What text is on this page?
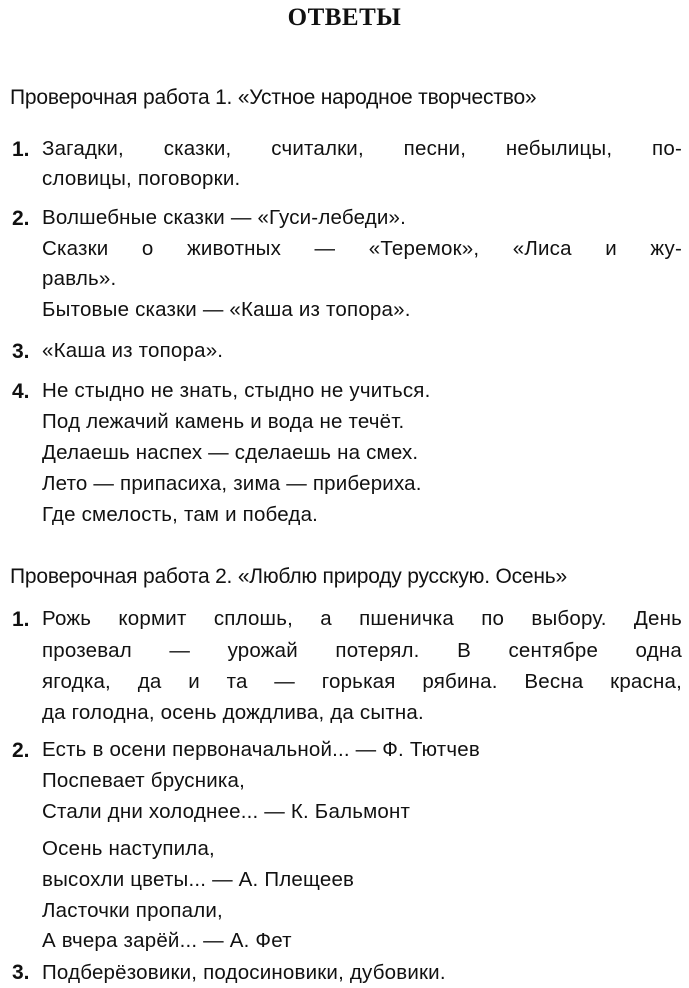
ОТВЕТЫ
Проверочная работа 1. «Устное народное творчество»
1. Загадки, сказки, считалки, песни, небылицы, по-
словицы, поговорки.
2. Волшебные сказки — «Гуси-лебеди».
Сказки о животных — «Теремок», «Лиса и жу-
равль».
Бытовые сказки — «Каша из топора».
3. «Каша из топора».
4. Не стыдно не знать, стыдно не учиться.
Под лежачий камень и вода не течёт.
Делаешь наспех — сделаешь на смех.
Лето — припасиха, зима — прибериха.
Где смелость, там и победа.
Проверочная работа 2. «Люблю природу русскую. Осень»
1. Рожь кормит сплошь, а пшеничка по выбору. День
прозевал — урожай потерял. В сентябре одна
ягодка, да и та — горькая рябина. Весна красна,
да голодна, осень дождлива, да сытна.
2. Есть в осени первоначальной... — Ф. Тютчев
Поспевает брусника,
Стали дни холоднее... — К. Бальмонт
Осень наступила,
высохли цветы... — А. Плещеев
Ласточки пропали,
А вчера зарёй... — А. Фет
3. Подберёзовики, подосиновики, дубовики.
